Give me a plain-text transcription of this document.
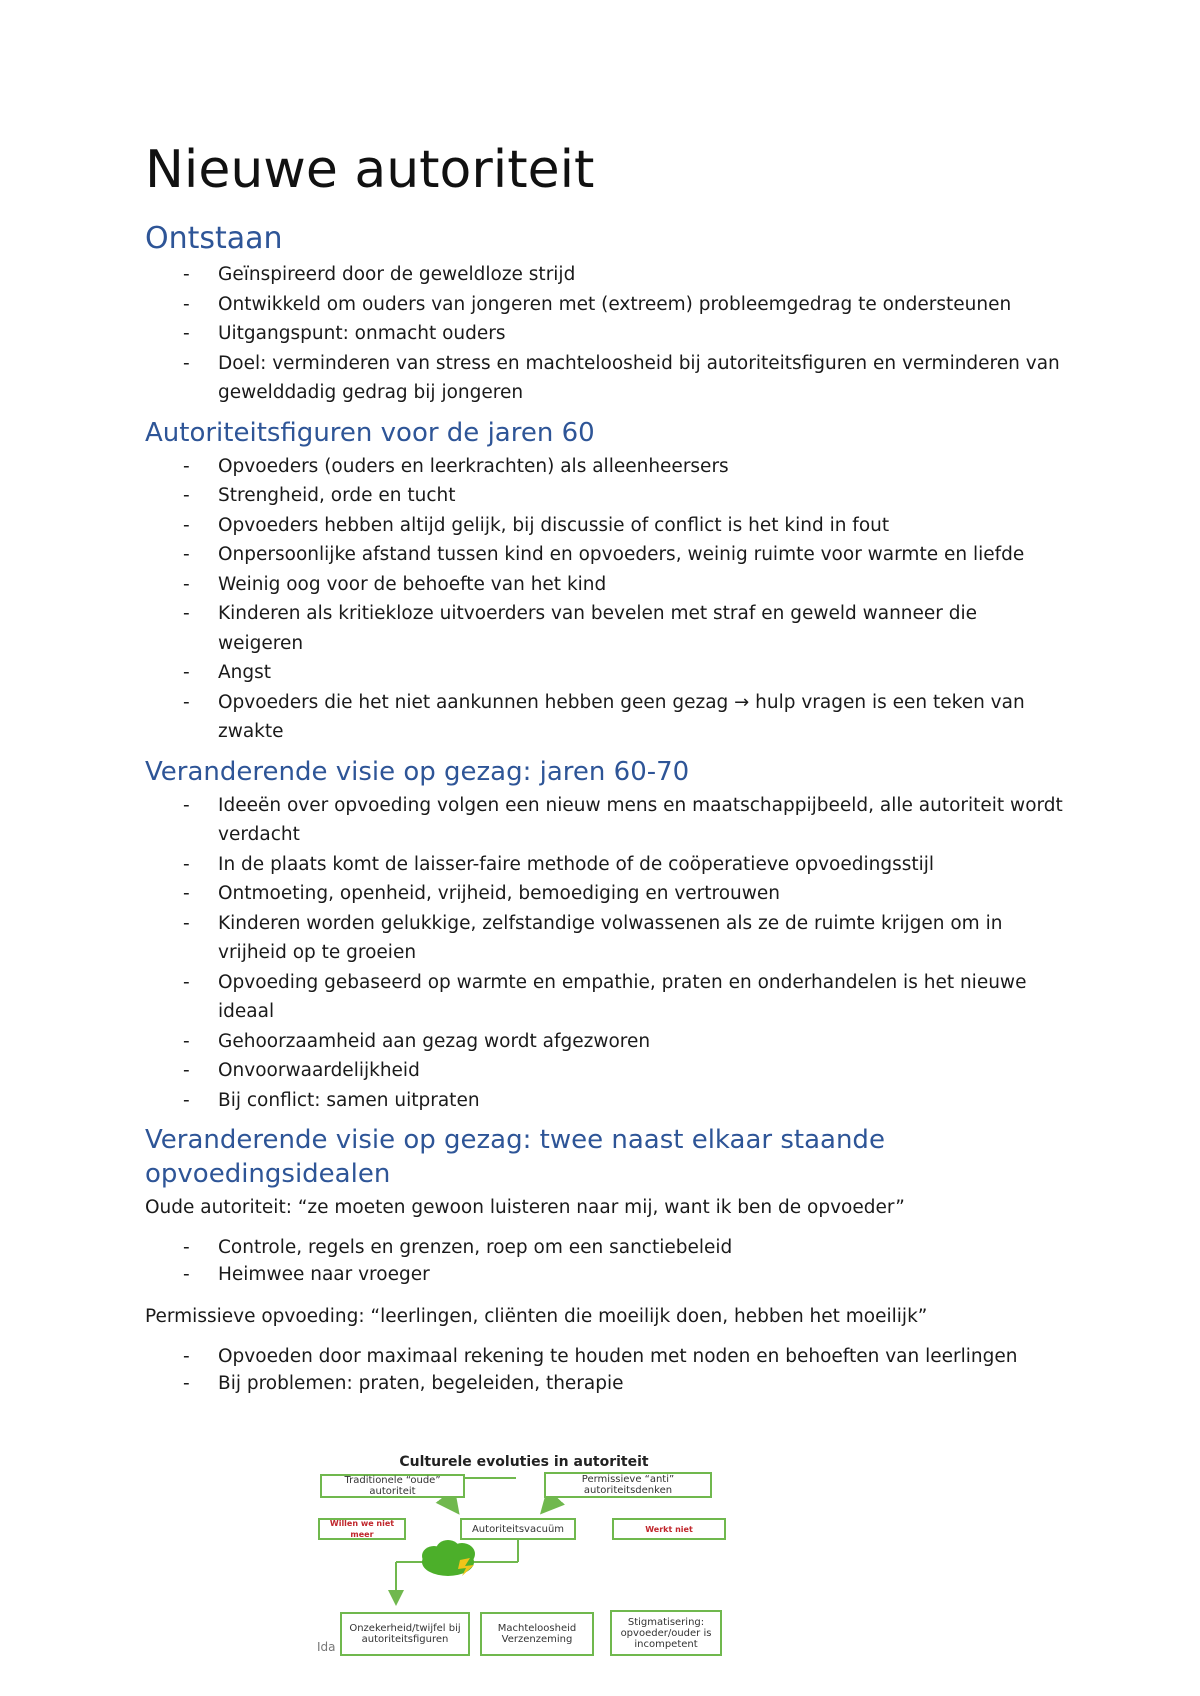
Nieuwe autoriteit
Ontstaan
- Geïnspireerd door de geweldloze strijd
- Ontwikkeld om ouders van jongeren met (extreem) probleemgedrag te ondersteunen
- Uitgangspunt: onmacht ouders
- Doel: verminderen van stress en machteloosheid bij autoriteitsfiguren en verminderen van gewelddadig gedrag bij jongeren
Autoriteitsfiguren voor de jaren 60
- Opvoeders (ouders en leerkrachten) als alleenheersers
- Strengheid, orde en tucht
- Opvoeders hebben altijd gelijk, bij discussie of conflict is het kind in fout
- Onpersoonlijke afstand tussen kind en opvoeders, weinig ruimte voor warmte en liefde
- Weinig oog voor de behoefte van het kind
- Kinderen als kritiekloze uitvoerders van bevelen met straf en geweld wanneer die weigeren
- Angst
- Opvoeders die het niet aankunnen hebben geen gezag → hulp vragen is een teken van zwakte
Veranderende visie op gezag: jaren 60-70
- Ideeën over opvoeding volgen een nieuw mens en maatschappijbeeld, alle autoriteit wordt verdacht
- In de plaats komt de laisser-faire methode of de coöperatieve opvoedingsstijl
- Ontmoeting, openheid, vrijheid, bemoediging en vertrouwen
- Kinderen worden gelukkige, zelfstandige volwassenen als ze de ruimte krijgen om in vrijheid op te groeien
- Opvoeding gebaseerd op warmte en empathie, praten en onderhandelen is het nieuwe ideaal
- Gehoorzaamheid aan gezag wordt afgezworen
- Onvoorwaardelijkheid
- Bij conflict: samen uitpraten
Veranderende visie op gezag: twee naast elkaar staande opvoedingsidealen

Oude autoriteit: “ze moeten gewoon luisteren naar mij, want ik ben de opvoeder”

- Controle, regels en grenzen, roep om een sanctiebeleid
- Heimwee naar vroeger

Permissieve opvoeding: “leerlingen, cliënten die moeilijk doen, hebben het moeilijk”

- Opvoeden door maximaal rekening te houden met noden en behoeften van leerlingen
- Bij problemen: praten, begeleiden, therapie
Culturele evoluties in autoriteit
Traditionele “oude” autoriteit
Permissieve “anti” autoriteitsdenken
Willen we niet meer	Autoriteitsvacuüm	Werkt niet
Onzekerheid/twijfel bij autoriteitsfiguren
Machteloosheid Verzenzeming
Stigmatisering: opvoeder/ouder is incompetent
Ida
